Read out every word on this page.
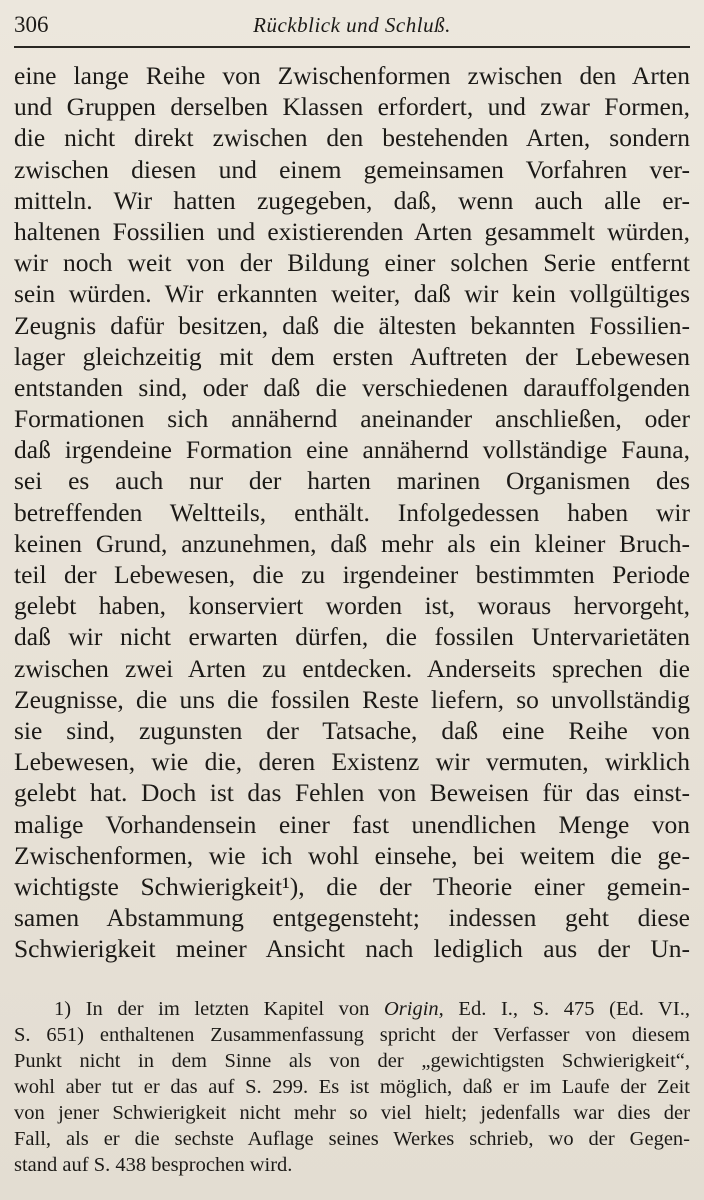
306	Rückblick und Schluß.
eine lange Reihe von Zwischenformen zwischen den Arten
und Gruppen derselben Klassen erfordert, und zwar Formen,
die nicht direkt zwischen den bestehenden Arten, sondern
zwischen diesen und einem gemeinsamen Vorfahren ver-
mitteln. Wir hatten zugegeben, daß, wenn auch alle er-
haltenen Fossilien und existierenden Arten gesammelt würden,
wir noch weit von der Bildung einer solchen Serie entfernt
sein würden. Wir erkannten weiter, daß wir kein vollgültiges
Zeugnis dafür besitzen, daß die ältesten bekannten Fossilien-
lager gleichzeitig mit dem ersten Auftreten der Lebewesen
entstanden sind, oder daß die verschiedenen darauffolgenden
Formationen sich annähernd aneinander anschließen, oder
daß irgendeine Formation eine annähernd vollständige Fauna,
sei es auch nur der harten marinen Organismen des
betreffenden Weltteils, enthält. Infolgedessen haben wir
keinen Grund, anzunehmen, daß mehr als ein kleiner Bruch-
teil der Lebewesen, die zu irgendeiner bestimmten Periode
gelebt haben, konserviert worden ist, woraus hervorgeht,
daß wir nicht erwarten dürfen, die fossilen Untervarietäten
zwischen zwei Arten zu entdecken. Anderseits sprechen die
Zeugnisse, die uns die fossilen Reste liefern, so unvollständig
sie sind, zugunsten der Tatsache, daß eine Reihe von
Lebewesen, wie die, deren Existenz wir vermuten, wirklich
gelebt hat. Doch ist das Fehlen von Beweisen für das einst-
malige Vorhandensein einer fast unendlichen Menge von
Zwischenformen, wie ich wohl einsehe, bei weitem die ge-
wichtigste Schwierigkeit¹), die der Theorie einer gemein-
samen Abstammung entgegensteht; indessen geht diese
Schwierigkeit meiner Ansicht nach lediglich aus der Un-
1) In der im letzten Kapitel von Origin, Ed. I., S. 475 (Ed. VI.,
S. 651) enthaltenen Zusammenfassung spricht der Verfasser von diesem
Punkt nicht in dem Sinne als von der „gewichtigsten Schwierigkeit“,
wohl aber tut er das auf S. 299. Es ist möglich, daß er im Laufe der Zeit
von jener Schwierigkeit nicht mehr so viel hielt; jedenfalls war dies der
Fall, als er die sechste Auflage seines Werkes schrieb, wo der Gegen-
stand auf S. 438 besprochen wird.
